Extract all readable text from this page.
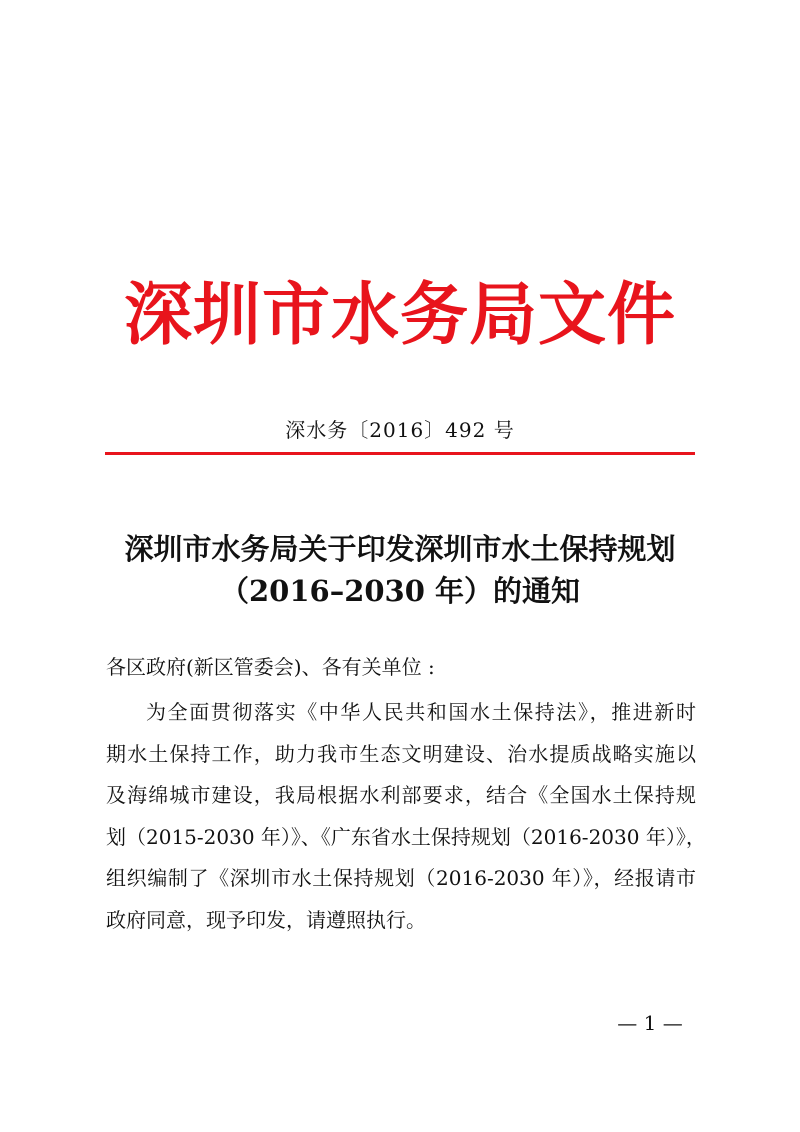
深圳市水务局文件
深水务〔2016〕492 号
深圳市水务局关于印发深圳市水土保持规划
（2016–2030 年）的通知
各区政府(新区管委会)、各有关单位 :
为全面贯彻落实《中华人民共和国水土保持法》，推进新时
期水土保持工作，助力我市生态文明建设、治水提质战略实施以
及海绵城市建设，我局根据水利部要求，结合《全国水土保持规
划（2015-2030 年）》、《广东省水土保持规划（2016-2030 年）》，
组织编制了《深圳市水土保持规划（2016-2030 年）》，经报请市
政府同意，现予印发，请遵照执行。
— 1 —
